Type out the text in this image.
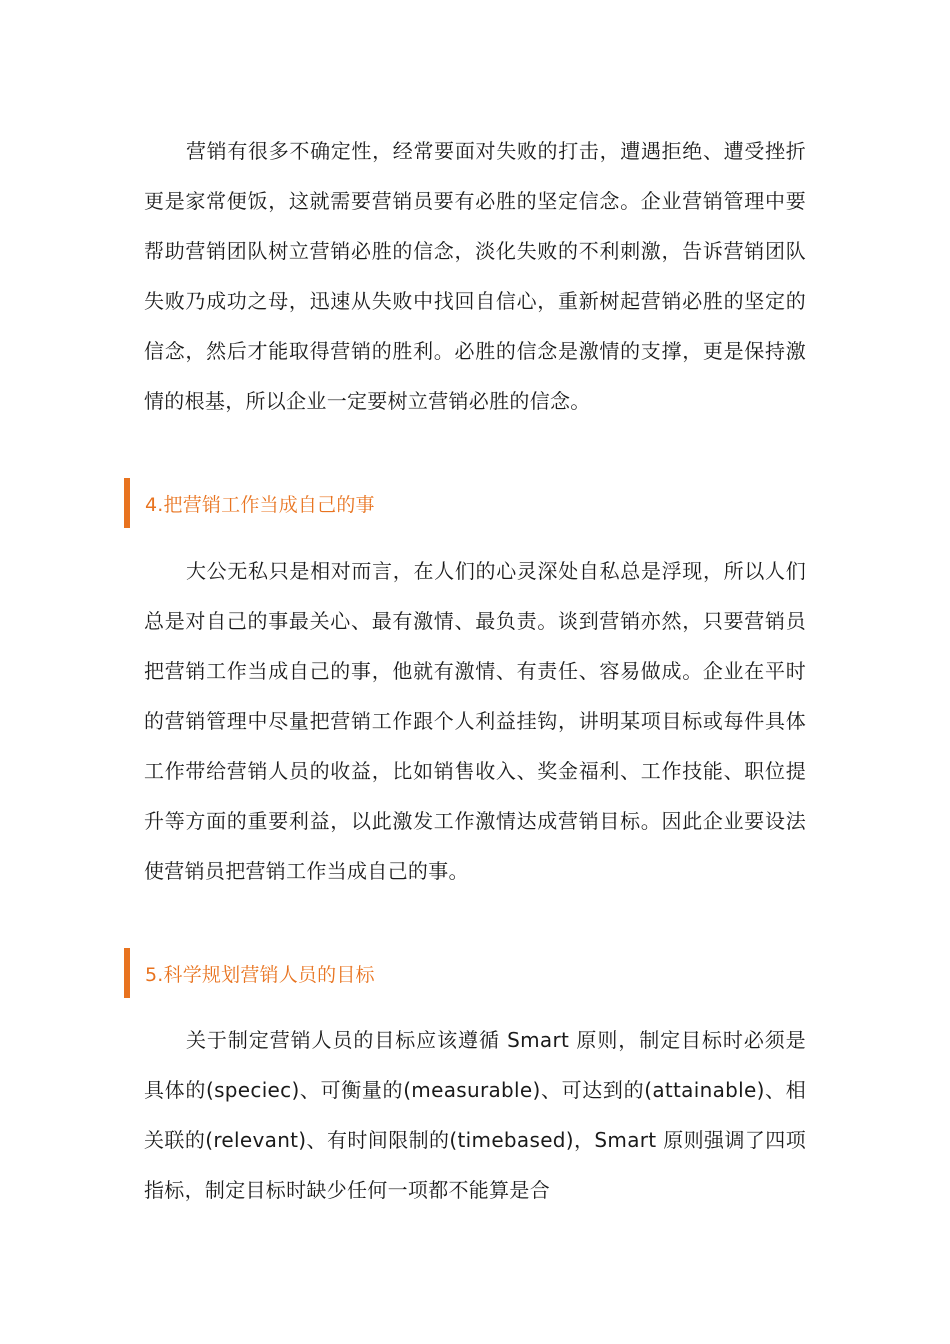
营销有很多不确定性，经常要面对失败的打击，遭遇拒绝、遭受挫折更是家常便饭，这就需要营销员要有必胜的坚定信念。企业营销管理中要帮助营销团队树立营销必胜的信念，淡化失败的不利刺激，告诉营销团队失败乃成功之母，迅速从失败中找回自信心，重新树起营销必胜的坚定的信念，然后才能取得营销的胜利。必胜的信念是激情的支撑，更是保持激情的根基，所以企业一定要树立营销必胜的信念。

4.把营销工作当成自己的事

大公无私只是相对而言，在人们的心灵深处自私总是浮现，所以人们总是对自己的事最关心、最有激情、最负责。谈到营销亦然，只要营销员把营销工作当成自己的事，他就有激情、有责任、容易做成。企业在平时的营销管理中尽量把营销工作跟个人利益挂钩，讲明某项目标或每件具体工作带给营销人员的收益，比如销售收入、奖金福利、工作技能、职位提升等方面的重要利益，以此激发工作激情达成营销目标。因此企业要设法使营销员把营销工作当成自己的事。

5.科学规划营销人员的目标

关于制定营销人员的目标应该遵循 Smart 原则，制定目标时必须是具体的(speciec)、可衡量的(measurable)、可达到的(attainable)、相关联的(relevant)、有时间限制的(timebased)，Smart 原则强调了四项指标，制定目标时缺少任何一项都不能算是合
